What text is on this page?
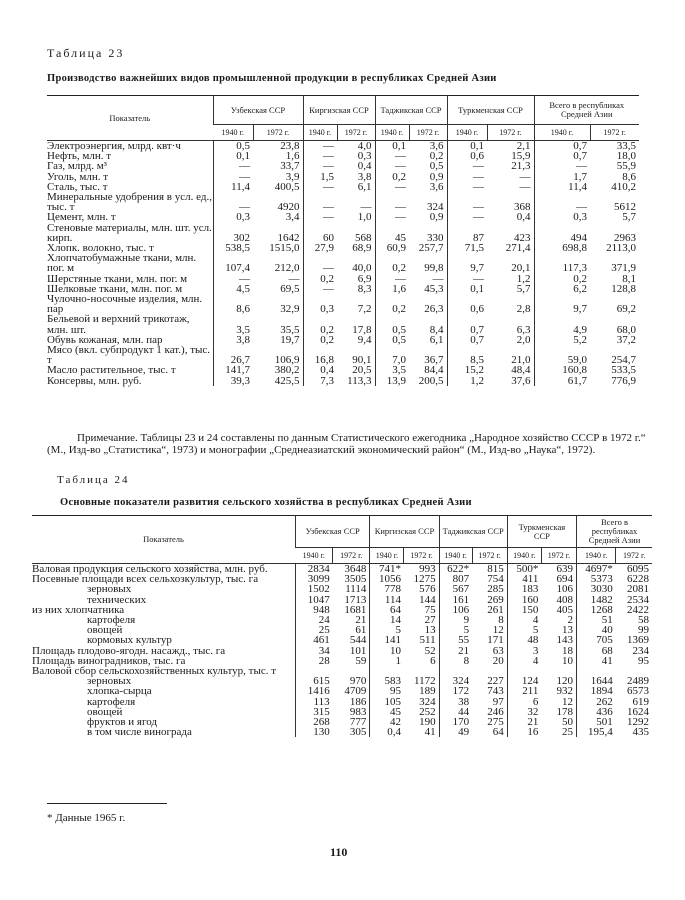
Таблица 23
Производство важнейших видов промышленной продукции в республиках Средней Азии
Показатель	Узбекская ССР		Киргизская ССР		Таджикская ССР		Туркменская ССР		Всего в республиках Средней Азии	
	1940 г.	1972 г.	1940 г.	1972 г.	1940 г.	1972 г.	1940 г.	1972 г.	1940 г.	1972 г.
Электроэнергия, млрд. квт·ч	0,5	23,8	—	4,0	0,1	3,6	0,1	2,1	0,7	33,5
Нефть, млн. т	0,1	1,6	—	0,3	—	0,2	0,6	15,9	0,7	18,0
Газ, млрд. м³	—	33,7	—	0,4	—	0,5	—	21,3	—	55,9
Уголь, млн. т	—	3,9	1,5	3,8	0,2	0,9	—	—	1,7	8,6
Сталь, тыс. т	11,4	400,5	—	6,1	—	3,6	—	—	11,4	410,2
Минеральные удобрения в усл. ед., тыс. т	—	4920	—	—	—	324	—	368	—	5612
Цемент, млн. т	0,3	3,4	—	1,0	—	0,9	—	0,4	0,3	5,7
Стеновые материалы, млн. шт. усл. кирп.	302	1642	60	568	45	330	87	423	494	2963
Хлопк. волокно, тыс. т	538,5	1515,0	27,9	68,9	60,9	257,7	71,5	271,4	698,8	2113,0
Хлопчатобумажные ткани, млн. пог. м	107,4	212,0	—	40,0	0,2	99,8	9,7	20,1	117,3	371,9
Шерстяные ткани, млн. пог. м	—	—	0,2	6,9	—	—	—	1,2	0,2	8,1
Шелковые ткани, млн. пог. м	4,5	69,5	—	8,3	1,6	45,3	0,1	5,7	6,2	128,8
Чулочно-носочные изделия, млн. пар	8,6	32,9	0,3	7,2	0,2	26,3	0,6	2,8	9,7	69,2
Бельевой и верхний трикотаж, млн. шт.	3,5	35,5	0,2	17,8	0,5	8,4	0,7	6,3	4,9	68,0
Обувь кожаная, млн. пар	3,8	19,7	0,2	9,4	0,5	6,1	0,7	2,0	5,2	37,2
Мясо (вкл. субпродукт 1 кат.), тыс. т	26,7	106,9	16,8	90,1	7,0	36,7	8,5	21,0	59,0	254,7
Масло растительное, тыс. т	141,7	380,2	0,4	20,5	3,5	84,4	15,2	48,4	160,8	533,5
Консервы, млн. руб.	39,3	425,5	7,3	113,3	13,9	200,5	1,2	37,6	61,7	776,9
Примечание. Таблицы 23 и 24 составлены по данным Статистического ежегодника „Народное хозяйство СССР в 1972 г.“ (М., Изд-во „Статистика“, 1973) и монографии „Среднеазиатский экономический район“ (М., Изд-во „Наука“, 1972).
Таблица 24
Основные показатели развития сельского хозяйства в республиках Средней Азии
Показатель	Узбекская ССР		Киргизская ССР		Таджикская ССР		Туркменская ССР		Всего в республиках Средней Азии	
	1940 г.	1972 г.	1940 г.	1972 г.	1940 г.	1972 г.	1940 г.	1972 г.	1940 г.	1972 г.
Валовая продукция сельского хозяйства, млн. руб.	2834	3648	741*	993	622*	815	500*	639	4697*	6095
Посевные площади всех сельхозкультур, тыс. га	3099	3505	1056	1275	807	754	411	694	5373	6228
зерновых	1502	1114	778	576	567	285	183	106	3030	2081
технических	1047	1713	114	144	161	269	160	408	1482	2534
из них хлопчатника	948	1681	64	75	106	261	150	405	1268	2422
картофеля	24	21	14	27	9	8	4	2	51	58
овощей	25	61	5	13	5	12	5	13	40	99
кормовых культур	461	544	141	511	55	171	48	143	705	1369
Площадь плодово-ягодн. насажд., тыс. га	34	101	10	52	21	63	3	18	68	234
Площадь виноградников, тыс. га	28	59	1	6	8	20	4	10	41	95
Валовой сбор сельскохозяйственных культур, тыс. т										
зерновых	615	970	583	1172	324	227	124	120	1644	2489
хлопка-сырца	1416	4709	95	189	172	743	211	932	1894	6573
картофеля	113	186	105	324	38	97	6	12	262	619
овощей	315	983	45	252	44	246	32	178	436	1624
фруктов и ягод	268	777	42	190	170	275	21	50	501	1292
в том числе винограда	130	305	0,4	41	49	64	16	25	195,4	435
* Данные 1965 г.
110
